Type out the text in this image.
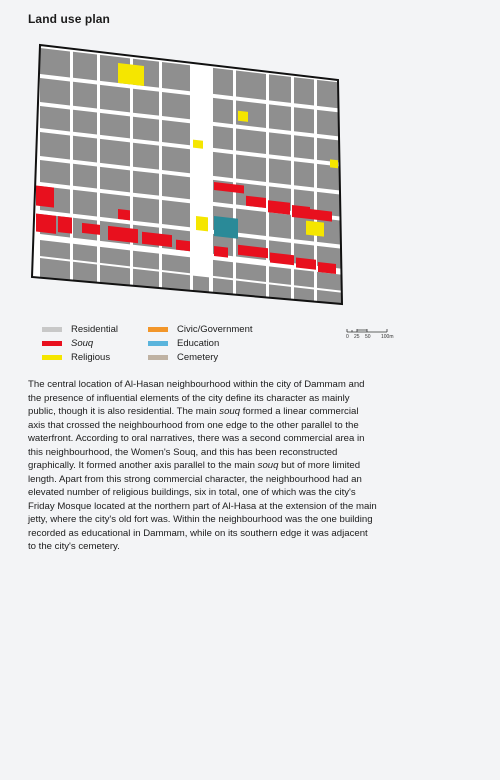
Land use plan
Residential
Souq
Religious
Civic/Government
Education
Cemetery
0 25 50 100m

The central location of Al-Hasan neighbourhood within the city of Dammam and the presence of influential elements of the city define its character as mainly public, though it is also residential. The main souq formed a linear commercial axis that crossed the neighbourhood from one edge to the other parallel to the waterfront. According to oral narratives, there was a second commercial area in this neighbourhood, the Women's Souq, and this has been reconstructed graphically. It formed another axis parallel to the main souq but of more limited length. Apart from this strong commercial character, the neighbourhood had an elevated number of religious buildings, six in total, one of which was the city's Friday Mosque located at the northern part of Al-Hasa at the extension of the main jetty, where the city's old fort was. Within the neighbourhood was the one building recorded as educational in Dammam, while on its southern edge it was adjacent to the city's cemetery.
